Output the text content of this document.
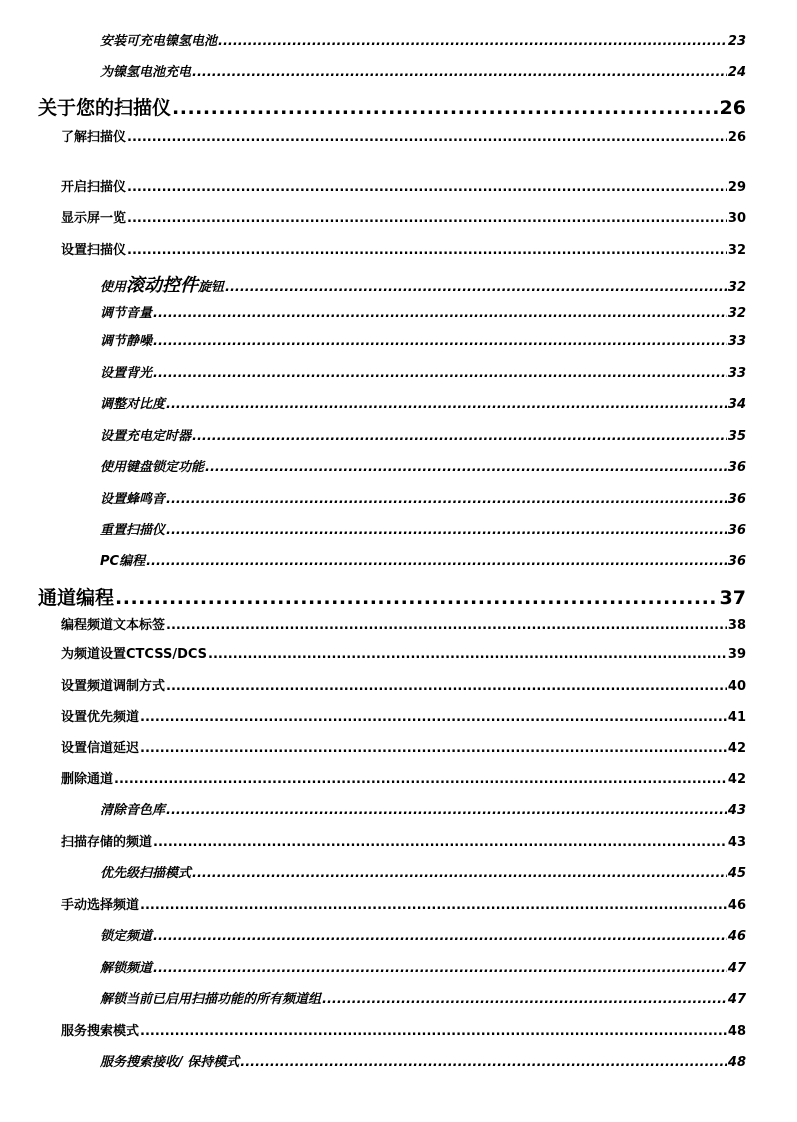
安装可充电镍氢电池 .....	23
为镍氢电池充电 .....	24
关于您的扫描仪 .....	26
了解扫描仪 .....	26
开启扫描仪 .....	29
显示屏一览 .....	30
设置扫描仪 .....	32
使用滚动控件旋钮 .....	32
调节音量 .....	32
调节静噪 .....	33
设置背光 .....	33
调整对比度 .....	34
设置充电定时器 .....	35
使用键盘锁定功能 .....	36
设置蜂鸣音 .....	36
重置扫描仪 .....	36
PC编程 .....	36
通道编程 .....	37
编程频道文本标签 .....	38
为频道设置CTCSS/DCS .....	39
设置频道调制方式 .....	40
设置优先频道 .....	41
设置信道延迟 .....	42
删除通道 .....	42
清除音色库 .....	43
扫描存储的频道 .....	43
优先级扫描模式 .....	45
手动选择频道 .....	46
锁定频道 .....	46
解锁频道 .....	47
解锁当前已启用扫描功能的所有频道组 .....	47
服务搜索模式 .....	48
服务搜索接收/ 保持模式 .....	48
